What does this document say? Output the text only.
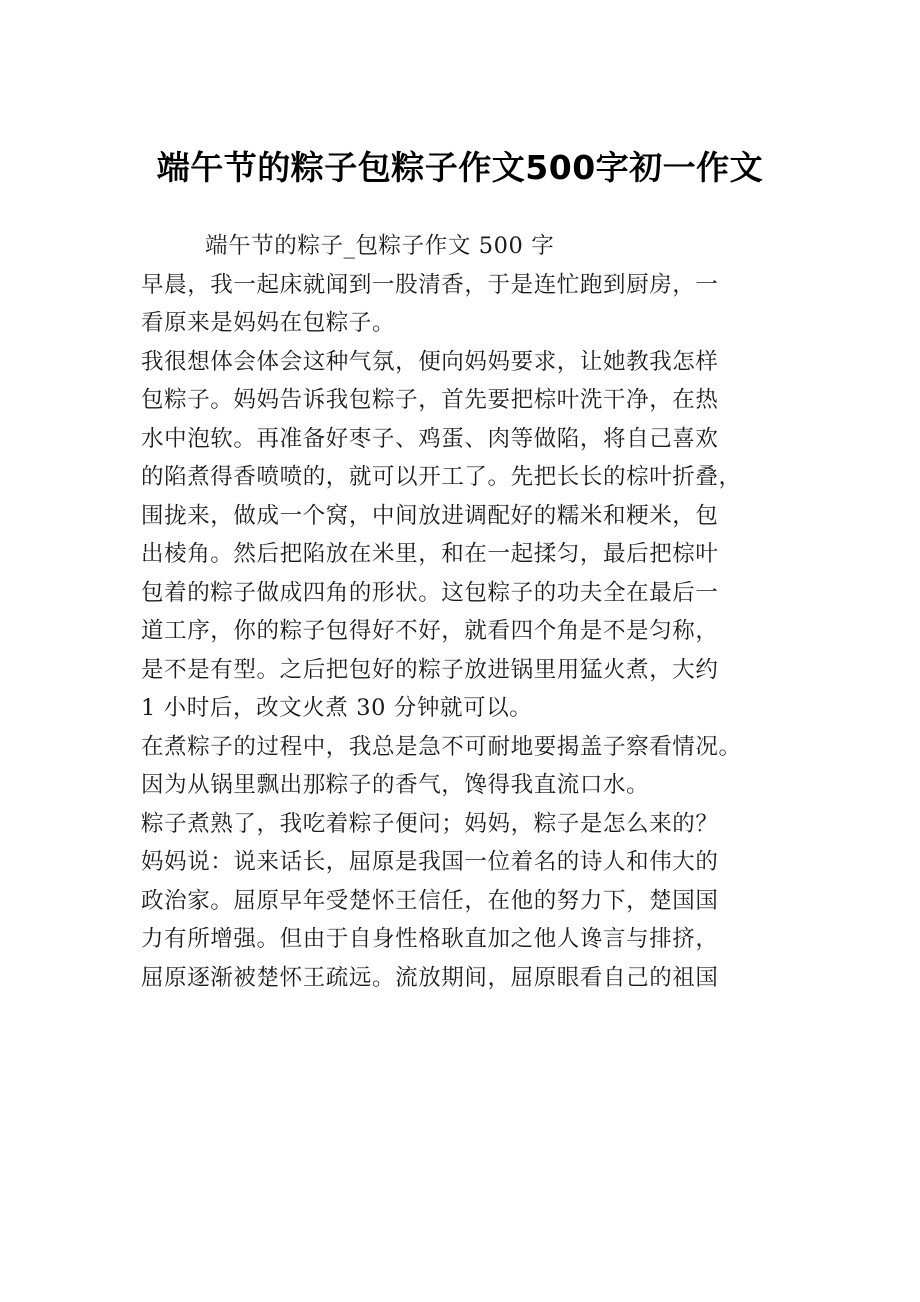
端午节的粽子包粽子作文500字初一作文
端午节的粽子_包粽子作文 500 字
早晨，我一起床就闻到一股清香，于是连忙跑到厨房，一
看原来是妈妈在包粽子。
我很想体会体会这种气氛，便向妈妈要求，让她教我怎样
包粽子。妈妈告诉我包粽子，首先要把棕叶洗干净，在热
水中泡软。再准备好枣子、鸡蛋、肉等做陷，将自己喜欢
的陷煮得香喷喷的，就可以开工了。先把长长的棕叶折叠，
围拢来，做成一个窝，中间放进调配好的糯米和粳米，包
出棱角。然后把陷放在米里，和在一起揉匀，最后把棕叶
包着的粽子做成四角的形状。这包粽子的功夫全在最后一
道工序，你的粽子包得好不好，就看四个角是不是匀称，
是不是有型。之后把包好的粽子放进锅里用猛火煮，大约
1 小时后，改文火煮 30 分钟就可以。
在煮粽子的过程中，我总是急不可耐地要揭盖子察看情况。
因为从锅里飘出那粽子的香气，馋得我直流口水。
粽子煮熟了，我吃着粽子便问；妈妈，粽子是怎么来的？
妈妈说：说来话长，屈原是我国一位着名的诗人和伟大的
政治家。屈原早年受楚怀王信任，在他的努力下，楚国国
力有所增强。但由于自身性格耿直加之他人谗言与排挤，
屈原逐渐被楚怀王疏远。流放期间，屈原眼看自己的祖国
